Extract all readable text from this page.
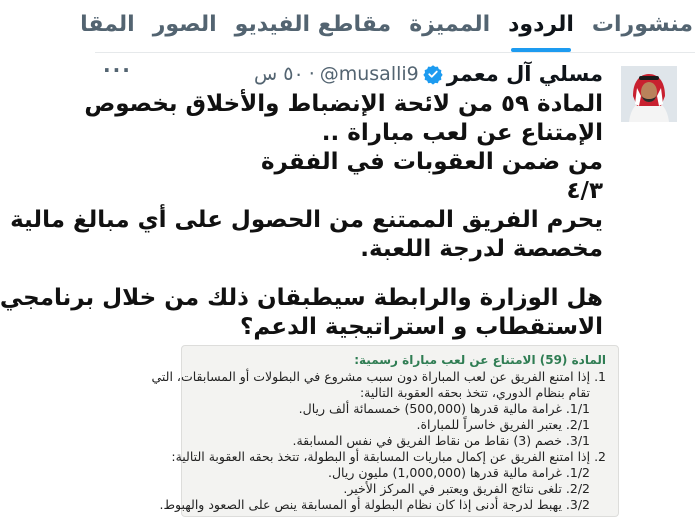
منشورات
الردود
المميزة
مقاطع الفيديو
الصور
المقا
مسلي آل معمر
@musalli9
·
٥٠ س
···
المادة ٥٩ من لائحة الإنضباط والأخلاق بخصوص
الإمتناع عن لعب مباراة ..
من ضمن العقوبات في الفقرة
٤/٣
يحرم الفريق الممتنع من الحصول على أي مبالغ مالية
مخصصة لدرجة اللعبة.
هل الوزارة والرابطة سيطبقان ذلك من خلال برنامجي
الاستقطاب و استراتيجية الدعم؟
المادة (59) الامتناع عن لعب مباراة رسمية:
1. إذا امتنع الفريق عن لعب المباراة دون سبب مشروع في البطولات أو المسابقات، التي
تقام بنظام الدوري، تتخذ بحقه العقوبة التالية:
1/1. غرامة مالية قدرها (500,000) خمسمائة ألف ريال.
2/1. يعتبر الفريق خاسراً للمباراة.
3/1. خصم (3) نقاط من نقاط الفريق في نفس المسابقة.
2. إذا امتنع الفريق عن إكمال مباريات المسابقة أو البطولة، تتخذ بحقه العقوبة التالية:
1/2. غرامة مالية قدرها (1,000,000) مليون ريال.
2/2. تلغى نتائج الفريق ويعتبر في المركز الأخير.
3/2. يهبط لدرجة أدنى إذا كان نظام البطولة أو المسابقة ينص على الصعود والهبوط.
